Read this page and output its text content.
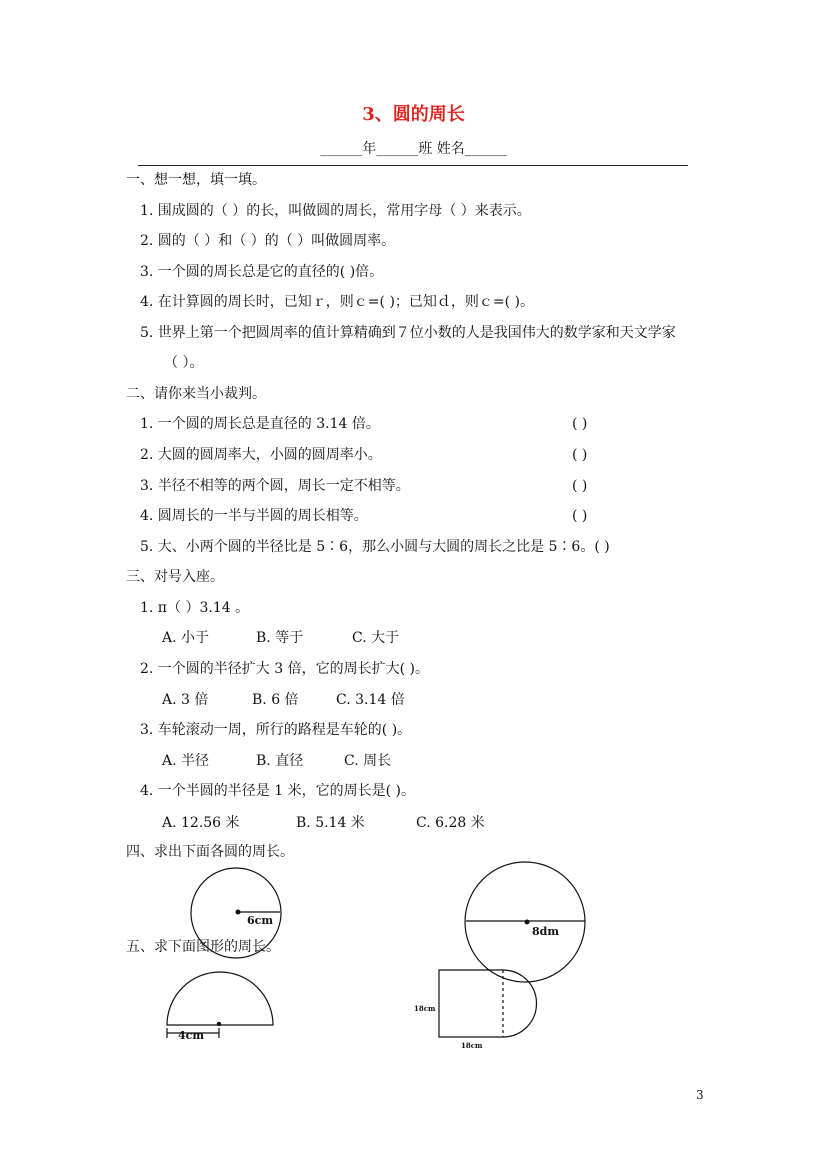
3、圆的周长
______年______班 姓名______
一、想一想，填一填。
1. 围成圆的（ ）的长，叫做圆的周长，常用字母（ ）来表示。
2. 圆的（ ）和（ ）的（ ）叫做圆周率。
3. 一个圆的周长总是它的直径的( )倍。
4. 在计算圆的周长时，已知ｒ，则ｃ=( )；已知ｄ，则ｃ=( )。
5. 世界上第一个把圆周率的值计算精确到７位小数的人是我国伟大的数学家和天文学家
（ ）。
二、请你来当小裁判。
1. 一个圆的周长总是直径的 3.14 倍。	( )
2. 大圆的圆周率大，小圆的圆周率小。	( )
3. 半径不相等的两个圆，周长一定不相等。	( )
4. 圆周长的一半与半圆的周长相等。	( )
5. 大、小两个圆的半径比是 5∶6，那么小圆与大圆的周长之比是 5∶6。( )
三、对号入座。
1. π（ ）3.14 。
A. 小于	B. 等于	C. 大于
2. 一个圆的半径扩大 3 倍，它的周长扩大( )。
A. 3 倍	B. 6 倍	C. 3.14 倍
3. 车轮滚动一周，所行的路程是车轮的( )。
A. 半径	B. 直径	C. 周长
4. 一个半圆的半径是 1 米，它的周长是( )。
A. 12.56 米	B. 5.14 米	C. 6.28 米
四、求出下面各圆的周长。
6cm
8dm
4cm
18cm
18cm
五、求下面图形的周长。
3
